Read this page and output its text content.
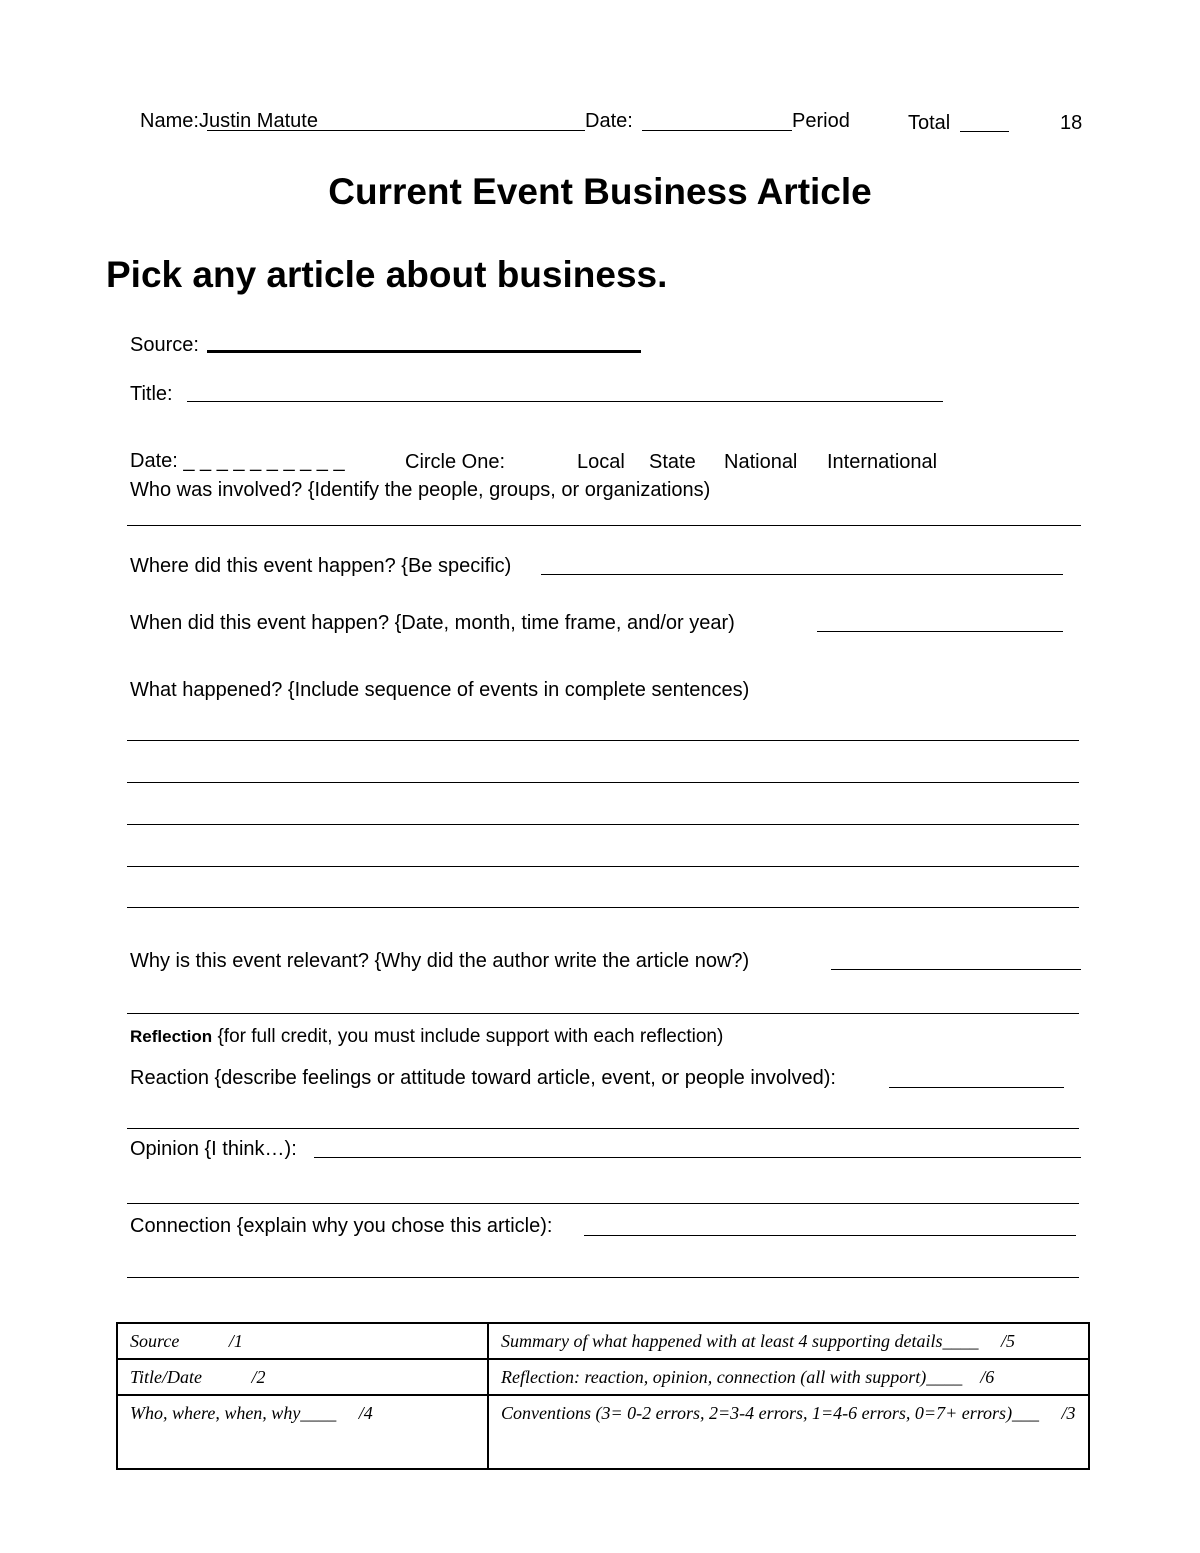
Name: Justin Matute	Date:	Period	Total	18
Current Event Business Article
Pick any article about business.
Source:
Title:
Date: _ _ _ _ _ _ _ _ _ _	Circle One:	Local State National International
Who was involved? {Identify the people, groups, or organizations)
Where did this event happen? {Be specific)
When did this event happen? {Date, month, time frame, and/or year)
What happened? {Include sequence of events in complete sentences)
Why is this event relevant? {Why did the author write the article now?)
Reflection {for full credit, you must include support with each reflection)
Reaction {describe feelings or attitude toward article, event, or people involved):
Opinion {I think…):
Connection {explain why you chose this article):
Source           /1	Summary of what happened with at least 4 supporting details____     /5
Title/Date           /2	Reflection: reaction, opinion, connection (all with support)____    /6
Who, where, when, why____     /4	Conventions (3= 0-2 errors, 2=3-4 errors, 1=4-6 errors, 0=7+ errors)___     /3
